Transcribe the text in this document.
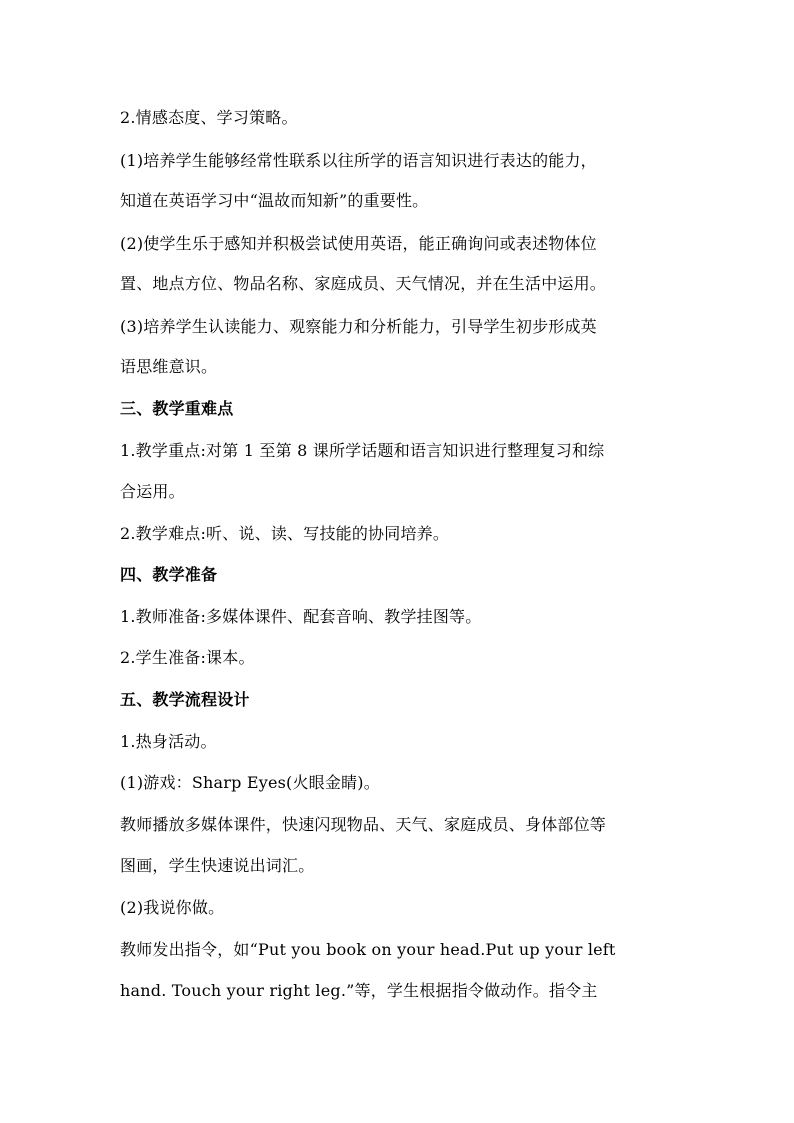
2.情感态度、学习策略。
(1)培养学生能够经常性联系以往所学的语言知识进行表达的能力，
知道在英语学习中“温故而知新”的重要性。
(2)使学生乐于感知并积极尝试使用英语，能正确询问或表述物体位
置、地点方位、物品名称、家庭成员、天气情况，并在生活中运用。
(3)培养学生认读能力、观察能力和分析能力，引导学生初步形成英
语思维意识。
三、教学重难点
1.教学重点:对第 1 至第 8 课所学话题和语言知识进行整理复习和综
合运用。
2.教学难点:听、说、读、写技能的协同培养。
四、教学准备
1.教师准备:多媒体课件、配套音响、教学挂图等。
2.学生准备:课本。
五、教学流程设计
1.热身活动。
(1)游戏：Sharp Eyes(火眼金睛)。
教师播放多媒体课件，快速闪现物品、天气、家庭成员、身体部位等
图画，学生快速说出词汇。
(2)我说你做。
教师发出指令，如“Put you book on your head.Put up your left
hand. Touch your right leg.”等，学生根据指令做动作。指令主
